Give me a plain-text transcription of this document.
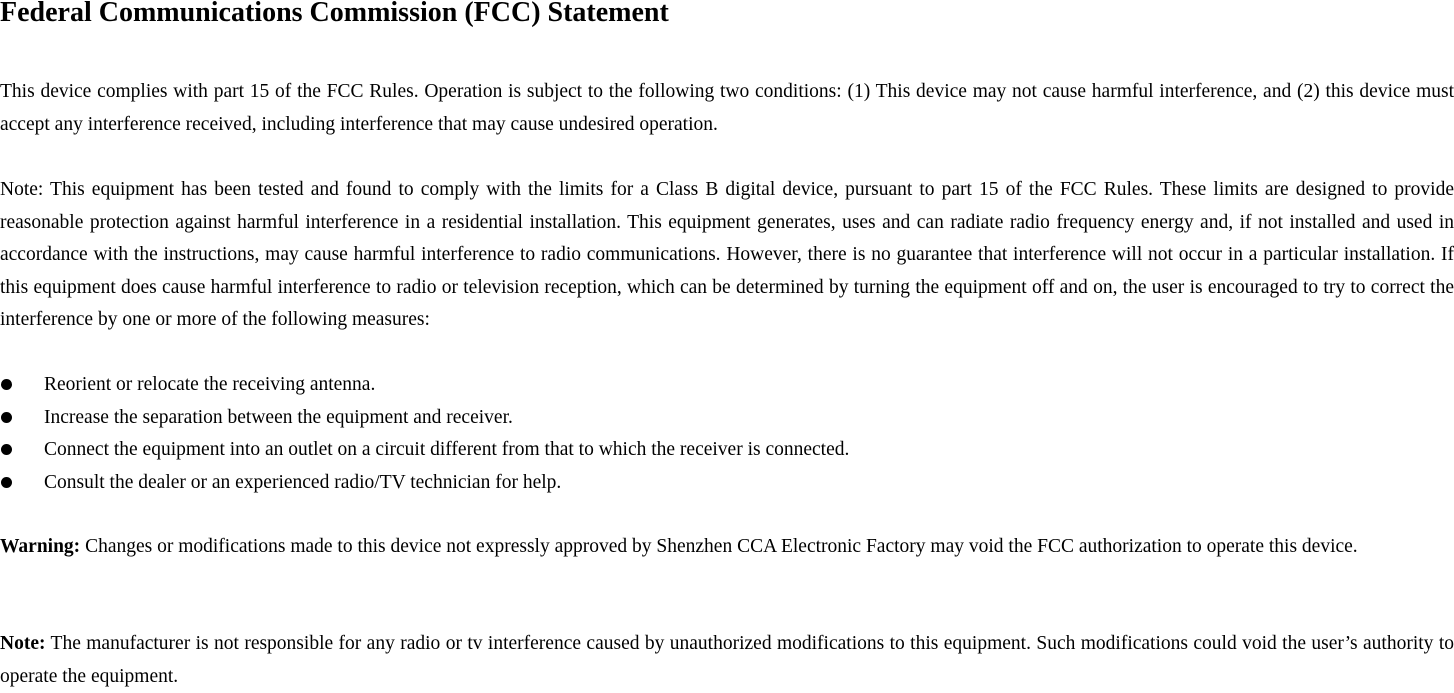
Federal Communications Commission (FCC) Statement

This device complies with part 15 of the FCC Rules. Operation is subject to the following two conditions: (1) This device may not cause harmful interference, and (2) this device must accept any interference received, including interference that may cause undesired operation.

Note: This equipment has been tested and found to comply with the limits for a Class B digital device, pursuant to part 15 of the FCC Rules. These limits are designed to provide reasonable protection against harmful interference in a residential installation. This equipment generates, uses and can radiate radio frequency energy and, if not installed and used in accordance with the instructions, may cause harmful interference to radio communications. However, there is no guarantee that interference will not occur in a particular installation. If this equipment does cause harmful interference to radio or television reception, which can be determined by turning the equipment off and on, the user is encouraged to try to correct the interference by one or more of the following measures:

Reorient or relocate the receiving antenna.
Increase the separation between the equipment and receiver.
Connect the equipment into an outlet on a circuit different from that to which the receiver is connected.
Consult the dealer or an experienced radio/TV technician for help.

Warning: Changes or modifications made to this device not expressly approved by Shenzhen CCA Electronic Factory may void the FCC authorization to operate this device.

Note: The manufacturer is not responsible for any radio or tv interference caused by unauthorized modifications to this equipment. Such modifications could void the user’s authority to operate the equipment.
